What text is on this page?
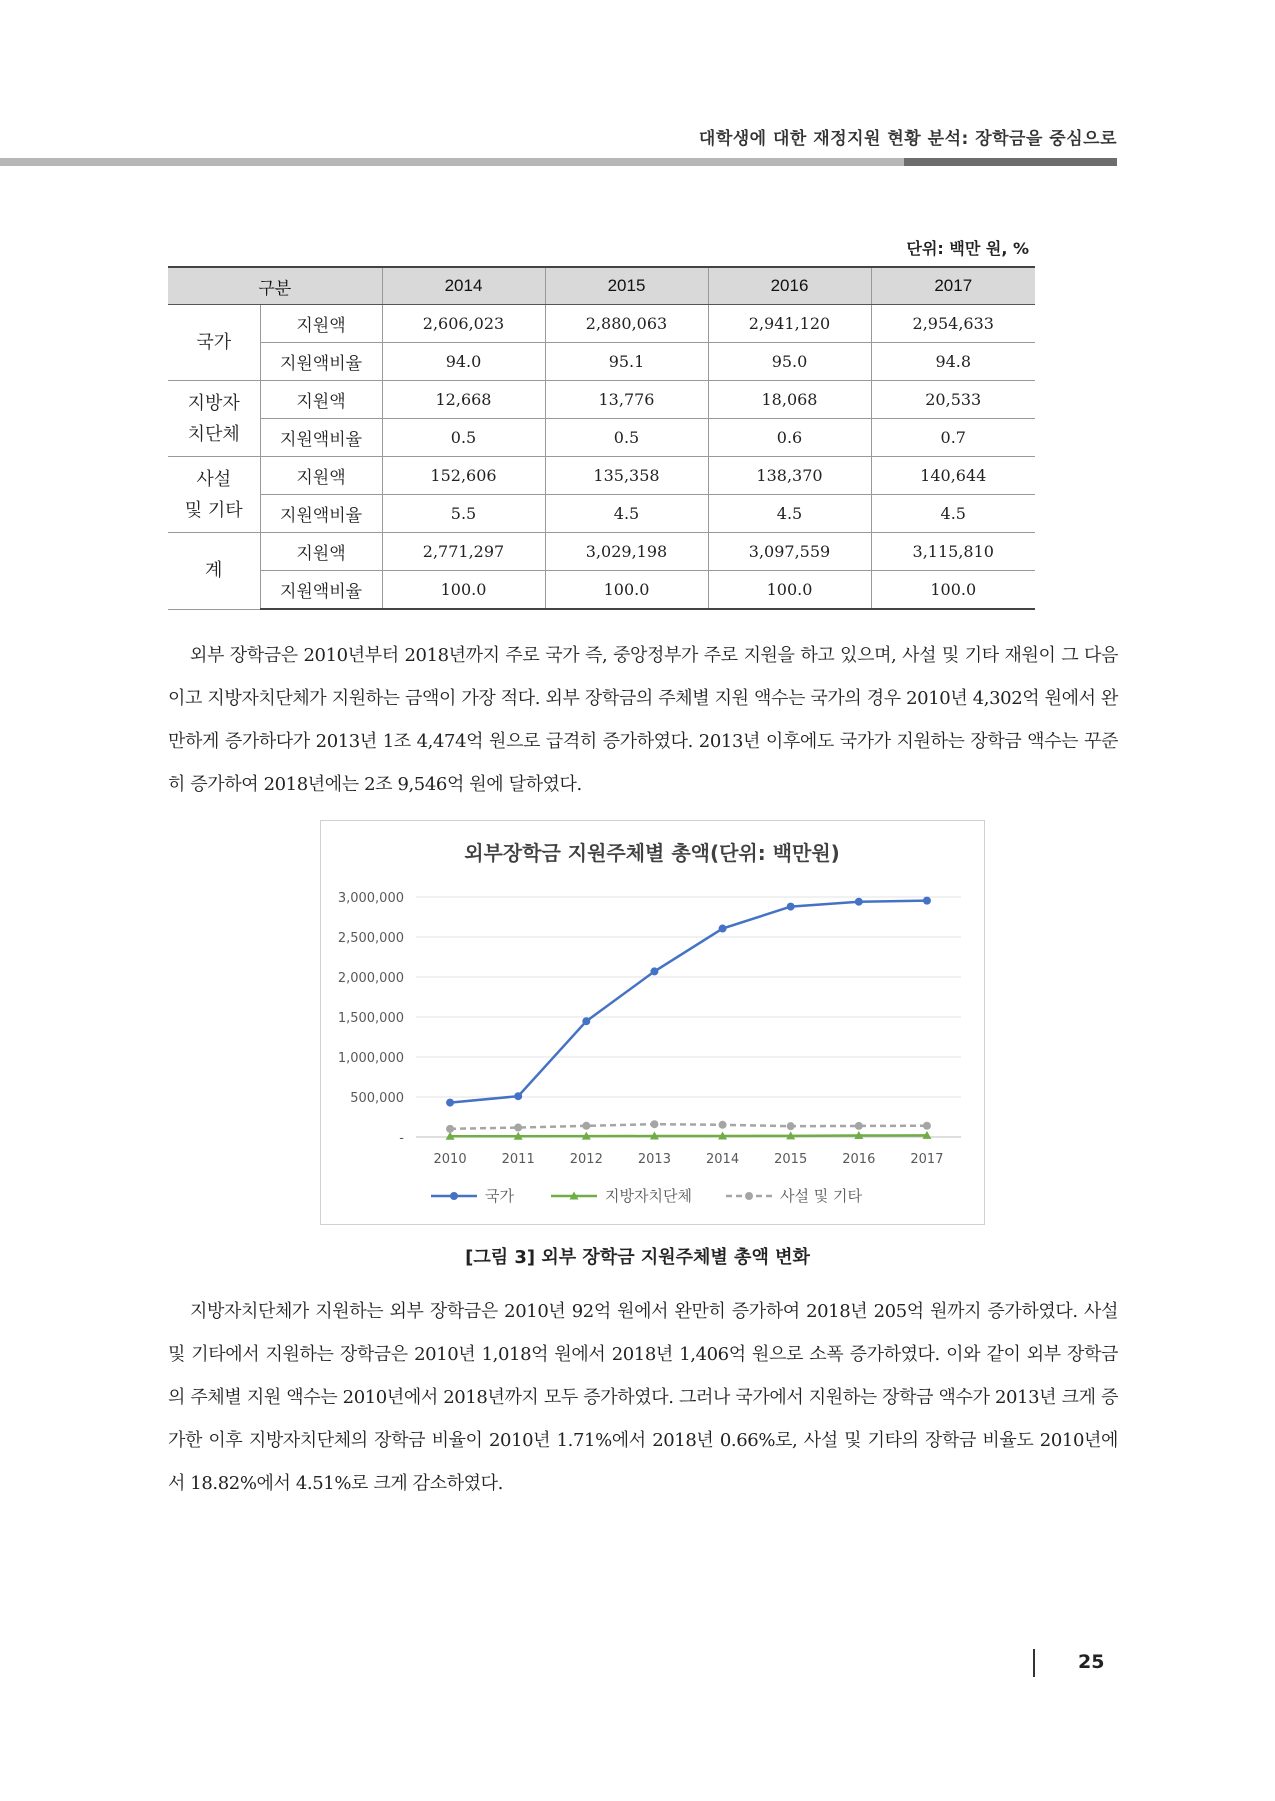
대학생에 대한 재정지원 현황 분석: 장학금을 중심으로
단위: 백만 원, %
구분		2014	2015	2016	2017
국가	지원액	2,606,023	2,880,063	2,941,120	2,954,633
	지원액비율	94.0	95.1	95.0	94.8
지방자
치단체	지원액	12,668	13,776	18,068	20,533
	지원액비율	0.5	0.5	0.6	0.7
사설
및 기타	지원액	152,606	135,358	138,370	140,644
	지원액비율	5.5	4.5	4.5	4.5
계	지원액	2,771,297	3,029,198	3,097,559	3,115,810
	지원액비율	100.0	100.0	100.0	100.0

외부 장학금은 2010년부터 2018년까지 주로 국가 즉, 중앙정부가 주로 지원을 하고 있으며, 사설 및 기타 재원이 그 다음이고 지방자치단체가 지원하는 금액이 가장 적다. 외부 장학금의 주체별 지원 액수는 국가의 경우 2010년 4,302억 원에서 완만하게 증가하다가 2013년 1조 4,474억 원으로 급격히 증가하였다. 2013년 이후에도 국가가 지원하는 장학금 액수는 꾸준히 증가하여 2018년에는 2조 9,546억 원에 달하였다.

외부장학금 지원주체별 총액(단위: 백만원)
-
500,000
1,000,000
1,500,000
2,000,000
2,500,000
3,000,000
2010	2011	2012	2013	2014	2015	2016	2017
국가	지방자치단체	사설 및 기타
[그림 3] 외부 장학금 지원주체별 총액 변화

지방자치단체가 지원하는 외부 장학금은 2010년 92억 원에서 완만히 증가하여 2018년 205억 원까지 증가하였다. 사설 및 기타에서 지원하는 장학금은 2010년 1,018억 원에서 2018년 1,406억 원으로 소폭 증가하였다. 이와 같이 외부 장학금의 주체별 지원 액수는 2010년에서 2018년까지 모두 증가하였다. 그러나 국가에서 지원하는 장학금 액수가 2013년 크게 증가한 이후 지방자치단체의 장학금 비율이 2010년 1.71%에서 2018년 0.66%로, 사설 및 기타의 장학금 비율도 2010년에서 18.82%에서 4.51%로 크게 감소하였다.

25
